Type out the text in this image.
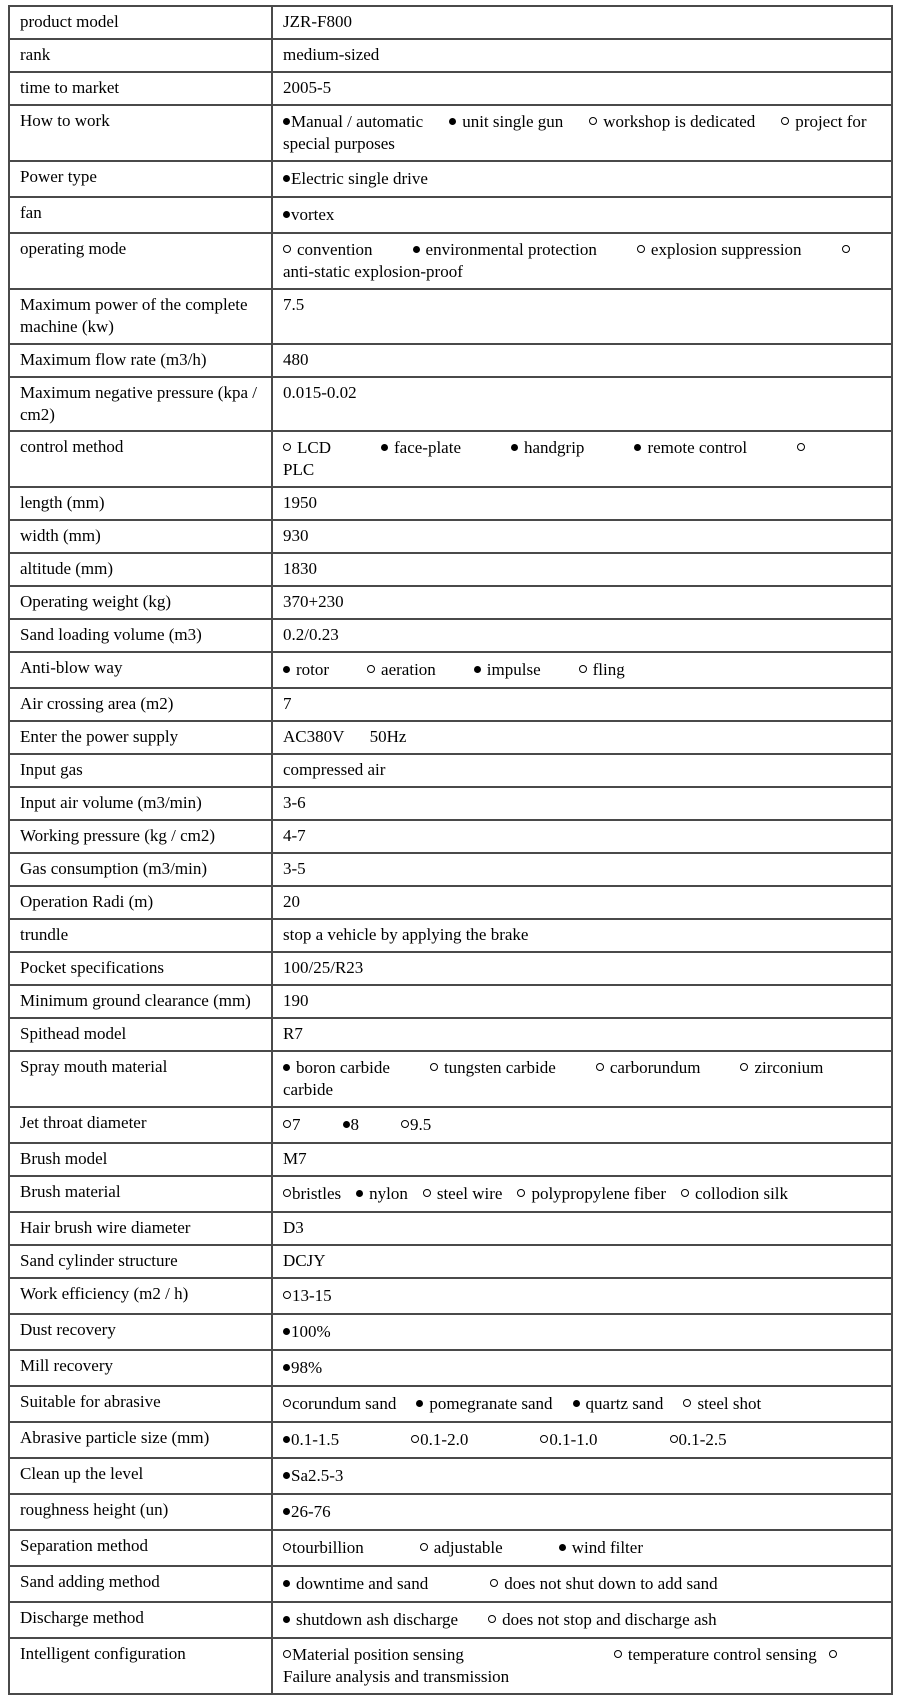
product model	JZR-F800
rank	medium-sized
time to market	2005-5
How to work	Manual / automatic unit single gun workshop is dedicated project for special purposes
Power type	Electric single drive
fan	vortex
operating mode	convention environmental protection explosion suppressionanti-static explosion-proof
Maximum power of the complete machine (kw)	7.5
Maximum flow rate (m3/h)	480
Maximum negative pressure (kpa / cm2)	0.015-0.02
control method	LCD face-plate handgrip remote controlPLC
length (mm)	1950
width (mm)	930
altitude (mm)	1830
Operating weight (kg)	370+230
Sand loading volume (m3)	0.2/0.23
Anti-blow way	rotor aeration impulse fling
Air crossing area (m2)	7
Enter the power supply	AC380V      50Hz
Input gas	compressed air
Input air volume (m3/min)	3-6
Working pressure (kg / cm2)	4-7
Gas consumption (m3/min)	3-5
Operation Radi (m)	20
trundle	stop a vehicle by applying the brake
Pocket specifications	100/25/R23
Minimum ground clearance (mm)	190
Spithead model	R7
Spray mouth material	boron carbide tungsten carbide carborundum zirconium carbide
Jet throat diameter	7 8 9.5
Brush model	M7
Brush material	bristles nylon steel wire polypropylene fiber collodion silk
Hair brush wire diameter	D3
Sand cylinder structure	DCJY
Work efficiency (m2 / h)	13-15
Dust recovery	100%
Mill recovery	98%
Suitable for abrasive	corundum sand pomegranate sand quartz sand steel shot
Abrasive particle size (mm)	0.1-1.5 0.1-2.0 0.1-1.0 0.1-2.5
Clean up the level	Sa2.5-3
roughness height (un)	26-76
Separation method	tourbillion adjustable wind filter
Sand adding method	downtime and sand does not shut down to add sand
Discharge method	shutdown ash discharge does not stop and discharge ash
Intelligent configuration	Material position sensing temperature control sensingFailure analysis and transmission
